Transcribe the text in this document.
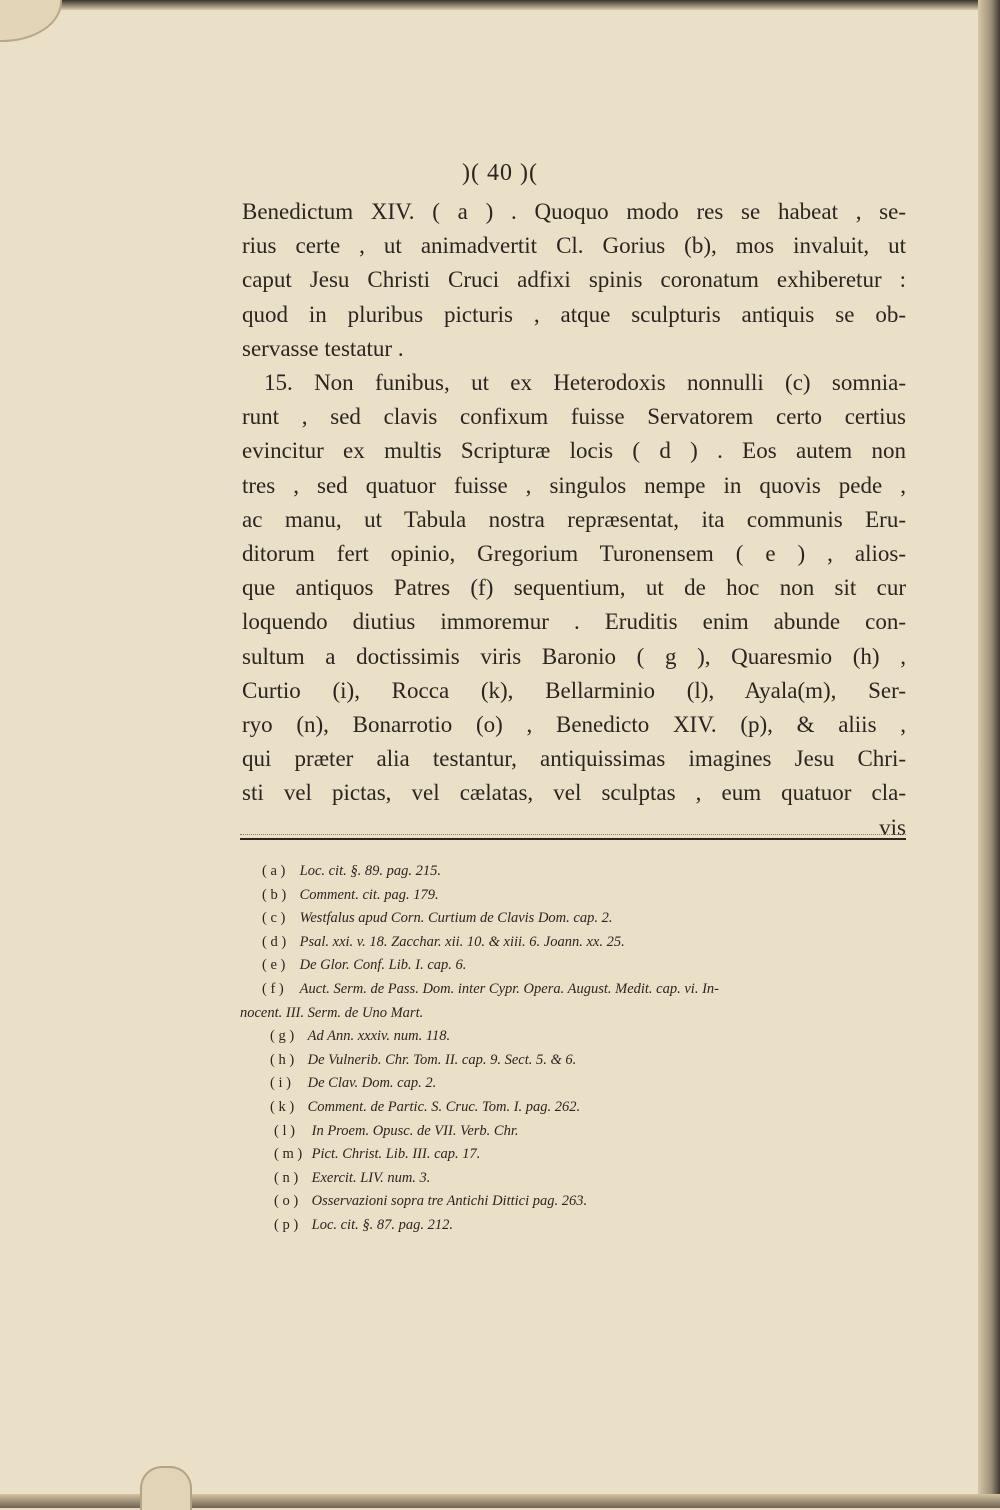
)( 40 )(

Benedictum XIV. ( a ) . Quoquo modo res se habeat , se-

rius certe , ut animadvertit Cl. Gorius (b), mos invaluit, ut

caput Jesu Christi Cruci adfixi spinis coronatum exhiberetur :

quod in pluribus picturis , atque sculpturis antiquis se ob-

servasse testatur .

15. Non funibus, ut ex Heterodoxis nonnulli (c) somnia-

runt , sed clavis confixum fuisse Servatorem certo certius

evincitur ex multis Scripturæ locis ( d ) . Eos autem non

tres , sed quatuor fuisse , singulos nempe in quovis pede ,

ac manu, ut Tabula nostra repræsentat, ita communis Eru-

ditorum fert opinio, Gregorium Turonensem ( e ) , alios-

que antiquos Patres (f) sequentium, ut de hoc non sit cur

loquendo diutius immoremur . Eruditis enim abunde con-

sultum a doctissimis viris Baronio ( g ), Quaresmio (h) ,

Curtio (i), Rocca (k), Bellarminio (l), Ayala(m), Ser-

ryo (n), Bonarrotio (o) , Benedicto XIV. (p), & aliis ,

qui præter alia testantur, antiquissimas imagines Jesu Chri-

sti vel pictas, vel cælatas, vel sculptas , eum quatuor cla-

vis

( a ) Loc. cit. §. 89. pag. 215.
( b ) Comment. cit. pag. 179.
( c ) Westfalus apud Corn. Curtium de Clavis Dom. cap. 2.
( d ) Psal. xxi. v. 18. Zacchar. xii. 10. & xiii. 6. Joann. xx. 25.
( e ) De Glor. Conf. Lib. I. cap. 6.
( f ) Auct. Serm. de Pass. Dom. inter Cypr. Opera. August. Medit. cap. vi. In-
nocent. III. Serm. de Uno Mart.
( g ) Ad Ann. xxxiv. num. 118.
( h ) De Vulnerib. Chr. Tom. II. cap. 9. Sect. 5. & 6.
( i ) De Clav. Dom. cap. 2.
( k ) Comment. de Partic. S. Cruc. Tom. I. pag. 262.
( l ) In Proem. Opusc. de VII. Verb. Chr.
( m ) Pict. Christ. Lib. III. cap. 17.
( n ) Exercit. LIV. num. 3.
( o ) Osservazioni sopra tre Antichi Dittici pag. 263.
( p ) Loc. cit. §. 87. pag. 212.
